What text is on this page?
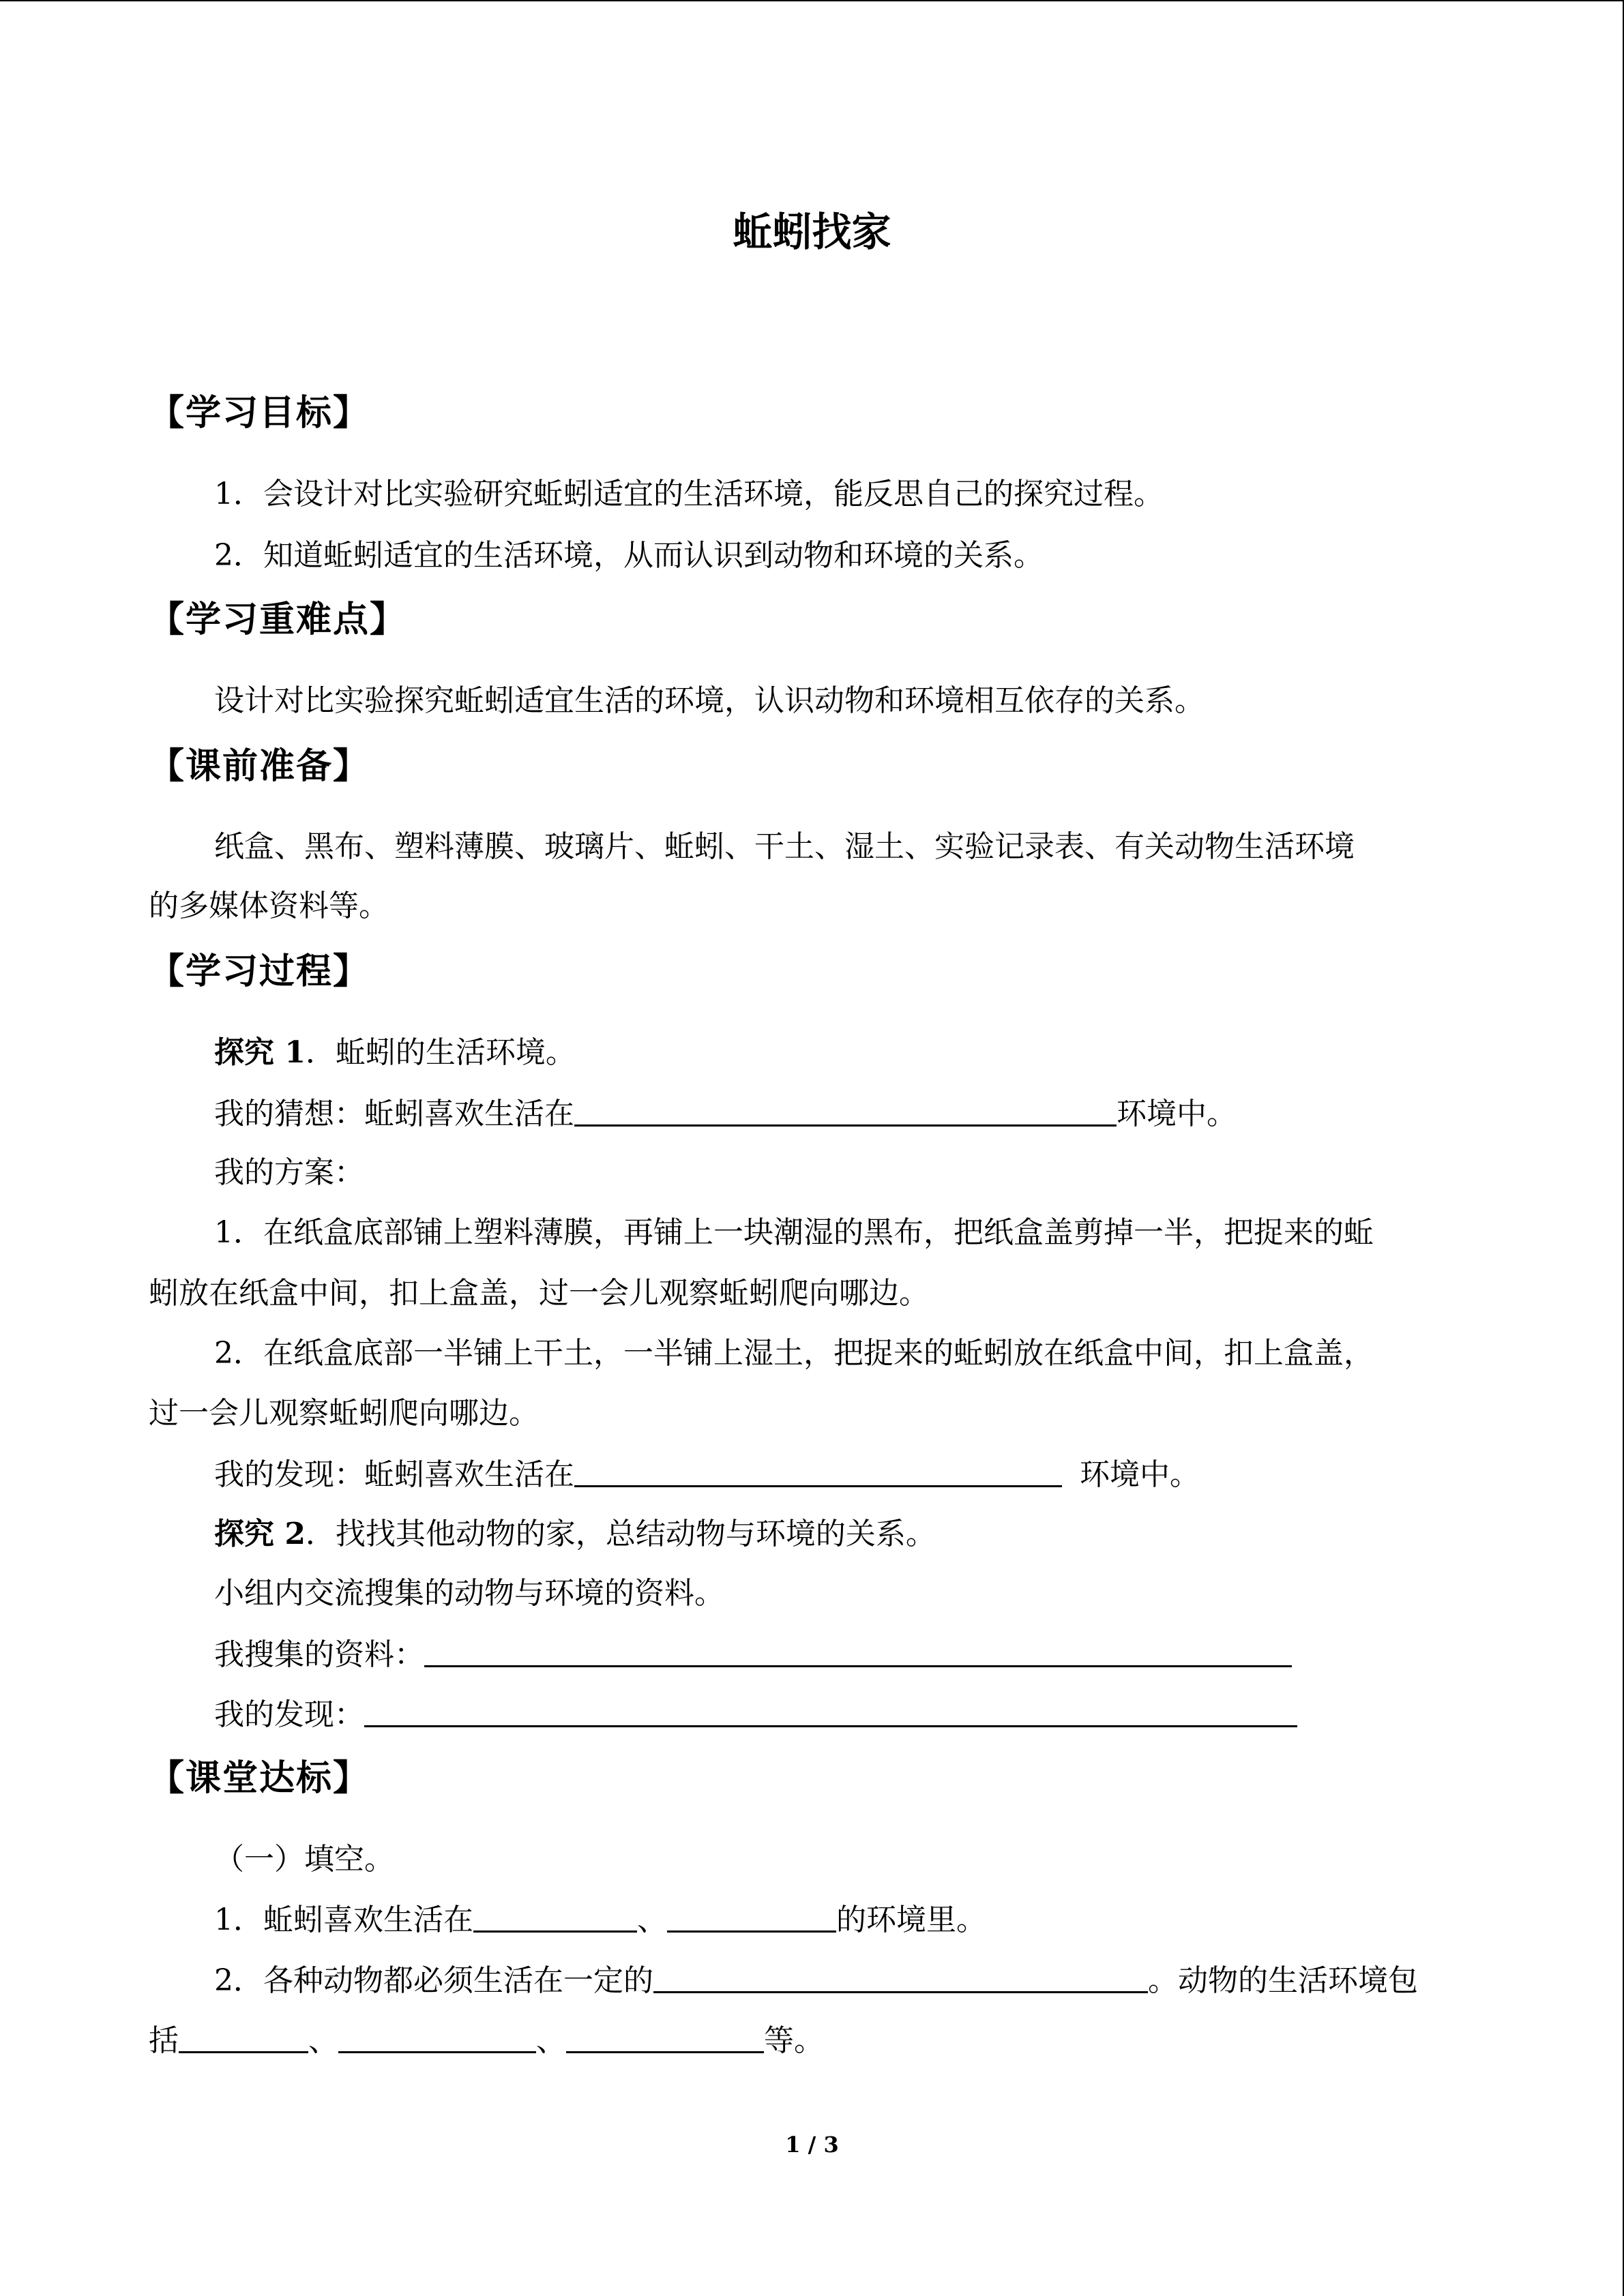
蚯蚓找家
【学习目标】
1．会设计对比实验研究蚯蚓适宜的生活环境，能反思自己的探究过程。
2．知道蚯蚓适宜的生活环境，从而认识到动物和环境的关系。
【学习重难点】
设计对比实验探究蚯蚓适宜生活的环境，认识动物和环境相互依存的关系。
【课前准备】
纸盒、黑布、塑料薄膜、玻璃片、蚯蚓、干土、湿土、实验记录表、有关动物生活环境
的多媒体资料等。
【学习过程】
探究 1．蚯蚓的生活环境。
我的猜想：蚯蚓喜欢生活在	环境中。
我的方案：
1．在纸盒底部铺上塑料薄膜，再铺上一块潮湿的黑布，把纸盒盖剪掉一半，把捉来的蚯
蚓放在纸盒中间，扣上盒盖，过一会儿观察蚯蚓爬向哪边。
2．在纸盒底部一半铺上干土，一半铺上湿土，把捉来的蚯蚓放在纸盒中间，扣上盒盖，
过一会儿观察蚯蚓爬向哪边。
我的发现：蚯蚓喜欢生活在	环境中。
探究 2．找找其他动物的家，总结动物与环境的关系。
小组内交流搜集的动物与环境的资料。
我搜集的资料：
我的发现：
【课堂达标】
（一）填空。
1．蚯蚓喜欢生活在	、	的环境里。
2．各种动物都必须生活在一定的	。动物的生活环境包
括	、	、	等。
1 / 3
